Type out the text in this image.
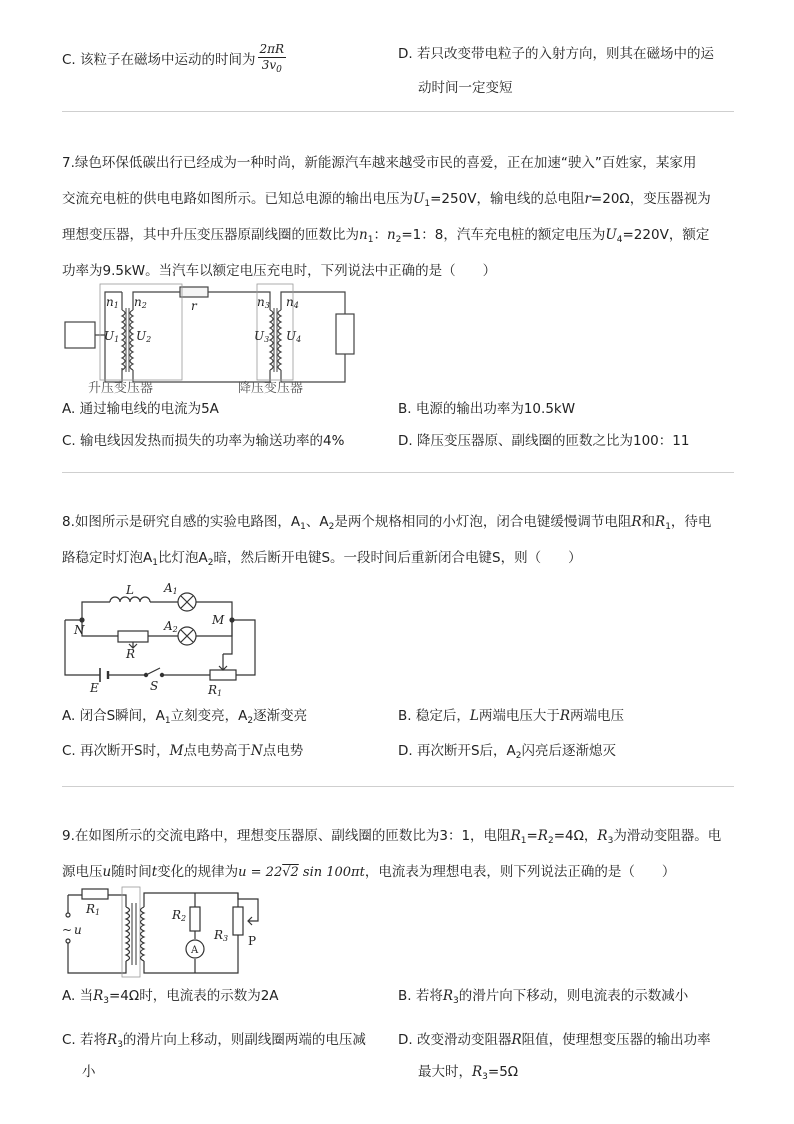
C. 该粒子在磁场中运动的时间为 $\frac{2\pi R}{3v_0}$	D. 若只改变带电粒子的入射方向，则其在磁场中的运
动时间一定变短
7.绿色环保低碳出行已经成为一种时尚，新能源汽车越来越受市民的喜爱，正在加速“驶入”百姓家，某家用
交流充电桩的供电电路如图所示。已知总电源的输出电压为$U_1=250V$，输电线的总电阻r=20Ω，变压器视为
理想变压器，其中升压变压器原副线圈的匝数比为$n_1$：$n_2=1$：8，汽车充电桩的额定电压为$U_4=220V$，额定
功率为9.5kW。当汽车以额定电压充电时，下列说法中正确的是（　　）
n1 n2
U1 U2
r	n3 n4
U3 U4
升压变压器	降压变压器
A. 通过输电线的电流为5A	B. 电源的输出功率为10.5kW
C. 输电线因发热而损失的功率为输送功率的4%	D. 降压变压器原、副线圈的匝数之比为100：11
8.如图所示是研究自感的实验电路图，$A_1$、$A_2$是两个规格相同的小灯泡，闭合电键缓慢调节电阻R和$R_1$，待电
路稳定时灯泡$A_1$比灯泡$A_2$暗，然后断开电键S。一段时间后重新闭合电键S，则（　　）
L	A1
A2
N
M
R
E	S	R1
A. 闭合S瞬间，$A_1$立刻变亮，$A_2$逐渐变亮	B. 稳定后，L两端电压大于R两端电压
C. 再次断开S时，M点电势高于N点电势	D. 再次断开S后，$A_2$闪亮后逐渐熄灭
9.在如图所示的交流电路中，理想变压器原、副线圈的匝数比为3：1，电阻$R_1=R_2=4\Omega$，$R_3$为滑动变阻器。电
源电压u随时间t变化的规律为u = 22√2 sin 100πt，电流表为理想电表，则下列说法正确的是（　　）
R1	R2
R3
~ u
A
P
A. 当$R_3=4\Omega$时，电流表的示数为2A	B. 若将$R_3$的滑片向下移动，则电流表的示数减小
C. 若将$R_3$的滑片向上移动，则副线圈两端的电压减
小
D. 改变滑动变阻器R阻值，使理想变压器的输出功率
最大时，$R_3=5\Omega$
